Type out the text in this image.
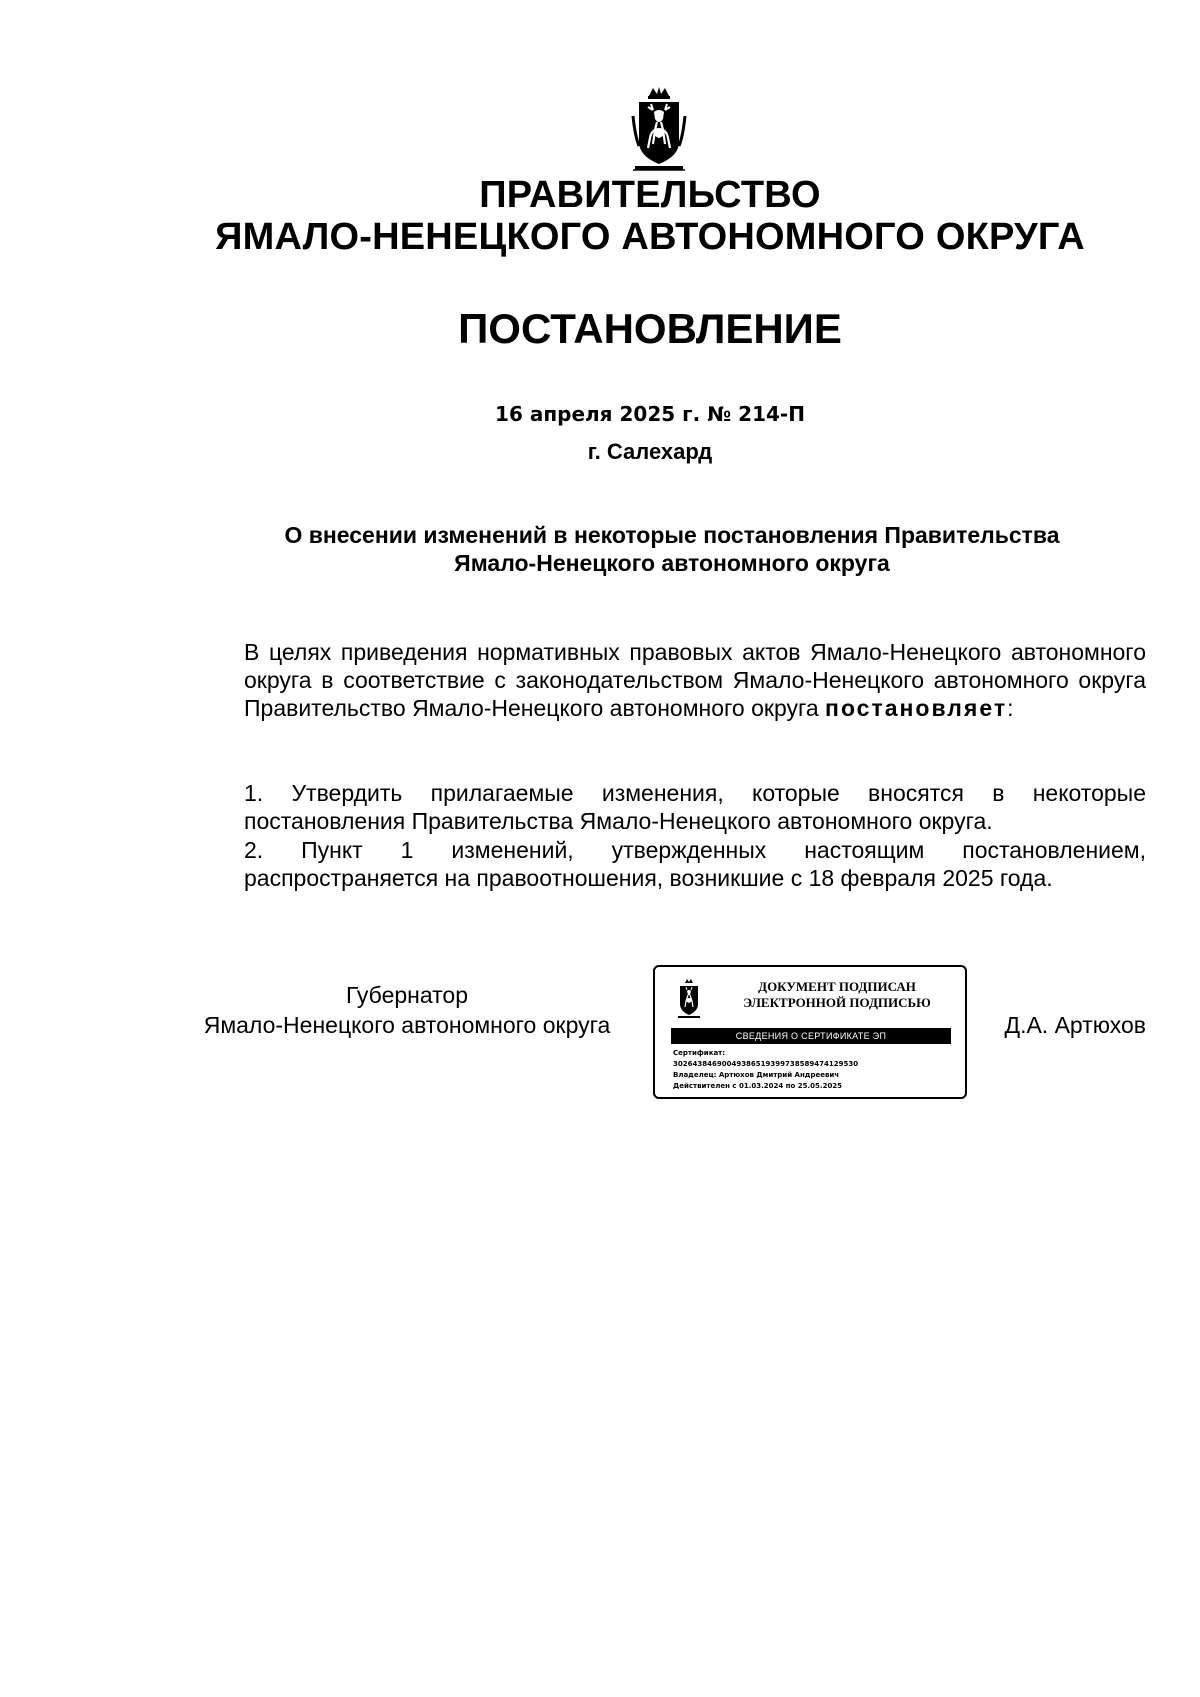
ПРАВИТЕЛЬСТВО
ЯМАЛО-НЕНЕЦКОГО АВТОНОМНОГО ОКРУГА
ПОСТАНОВЛЕНИЕ
16 апреля 2025 г. № 214-П
г. Салехард
О внесении изменений в некоторые постановления Правительства
Ямало-Ненецкого автономного округа
В целях приведения нормативных правовых актов Ямало-Ненецкого автономного округа в соответствие с законодательством Ямало-Ненецкого автономного округа Правительство Ямало-Ненецкого автономного округа постановляет:
1. Утвердить прилагаемые изменения, которые вносятся в некоторые постановления Правительства Ямало-Ненецкого автономного округа.
2. Пункт 1 изменений, утвержденных настоящим постановлением, распространяется на правоотношения, возникшие с 18 февраля 2025 года.
Губернатор
Ямало-Ненецкого автономного округа
ДОКУМЕНТ ПОДПИСАН
ЭЛЕКТРОННОЙ ПОДПИСЬЮ
СВЕДЕНИЯ О СЕРТИФИКАТЕ ЭП
Сертификат:
30264384690049386519399738589474129530
Владелец: Артюхов Дмитрий Андреевич
Действителен с 01.03.2024 по 25.05.2025
Д.А. Артюхов
